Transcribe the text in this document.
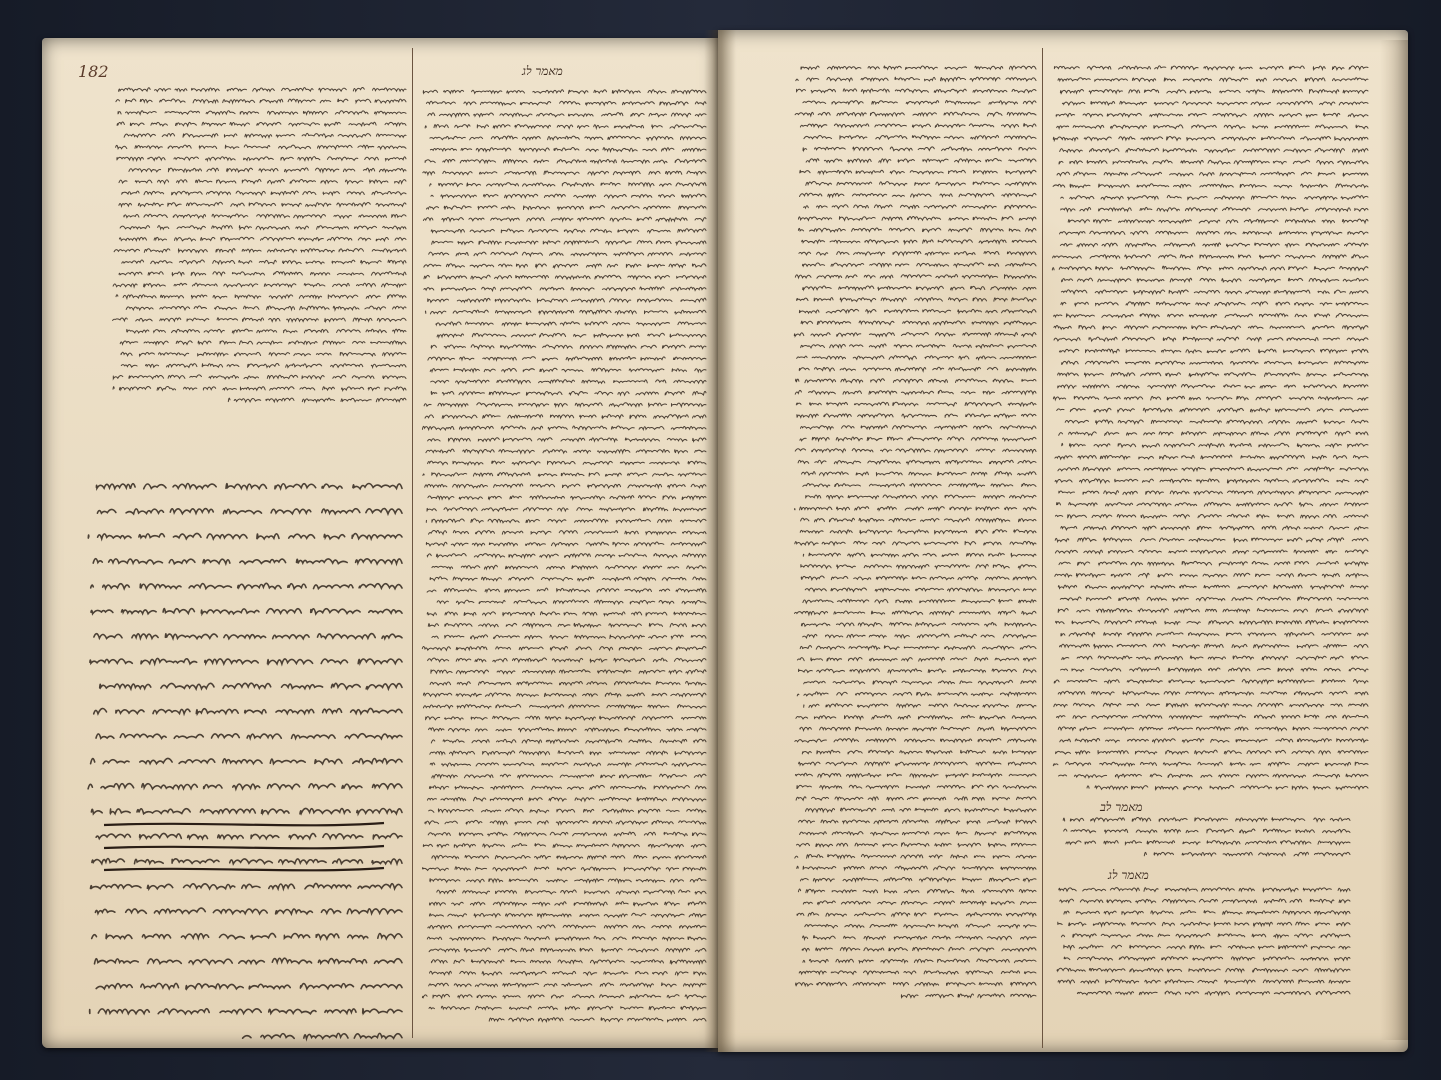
182	מאמר לג
מאמר לב
מאמר לג
